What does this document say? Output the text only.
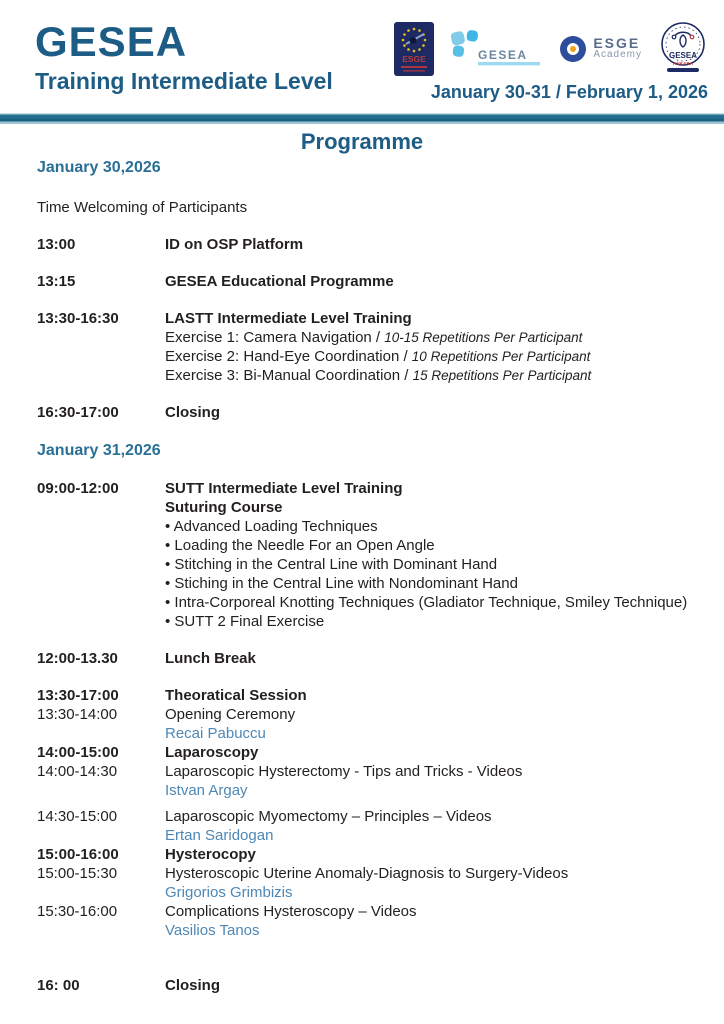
GESEA
Training Intermediate Level
ESGE	GESEA
ESGE
Academy	GESEA
ANKARA
January 30-31 / February 1, 2026
Programme
January 30,2026
Time Welcoming of Participants
13:00	ID on OSP Platform
13:15	GESEA Educational Programme
13:30-16:30	LASTT Intermediate Level Training
Exercise 1: Camera Navigation / 10-15 Repetitions Per Participant
Exercise 2: Hand-Eye Coordination / 10 Repetitions Per Participant
Exercise 3: Bi-Manual Coordination / 15 Repetitions Per Participant
16:30-17:00	Closing
January 31,2026
09:00-12:00	SUTT Intermediate Level Training
Suturing Course
• Advanced Loading Techniques
• Loading the Needle For an Open Angle
• Stitching in the Central Line with Dominant Hand
• Stiching in the Central Line with Nondominant Hand
• Intra-Corporeal Knotting Techniques (Gladiator Technique, Smiley Technique)
• SUTT 2 Final Exercise
12:00-13.30	Lunch Break
13:30-17:00	Theoratical Session
13:30-14:00	Opening Ceremony
Recai Pabuccu
14:00-15:00	Laparoscopy
14:00-14:30	Laparoscopic Hysterectomy - Tips and Tricks - Videos
Istvan Argay
14:30-15:00	Laparoscopic Myomectomy – Principles – Videos
Ertan Saridogan
15:00-16:00	Hysterocopy
15:00-15:30	Hysteroscopic Uterine Anomaly-Diagnosis to Surgery-Videos
Grigorios Grimbizis
15:30-16:00	Complications Hysteroscopy – Videos
Vasilios Tanos
16: 00	Closing
